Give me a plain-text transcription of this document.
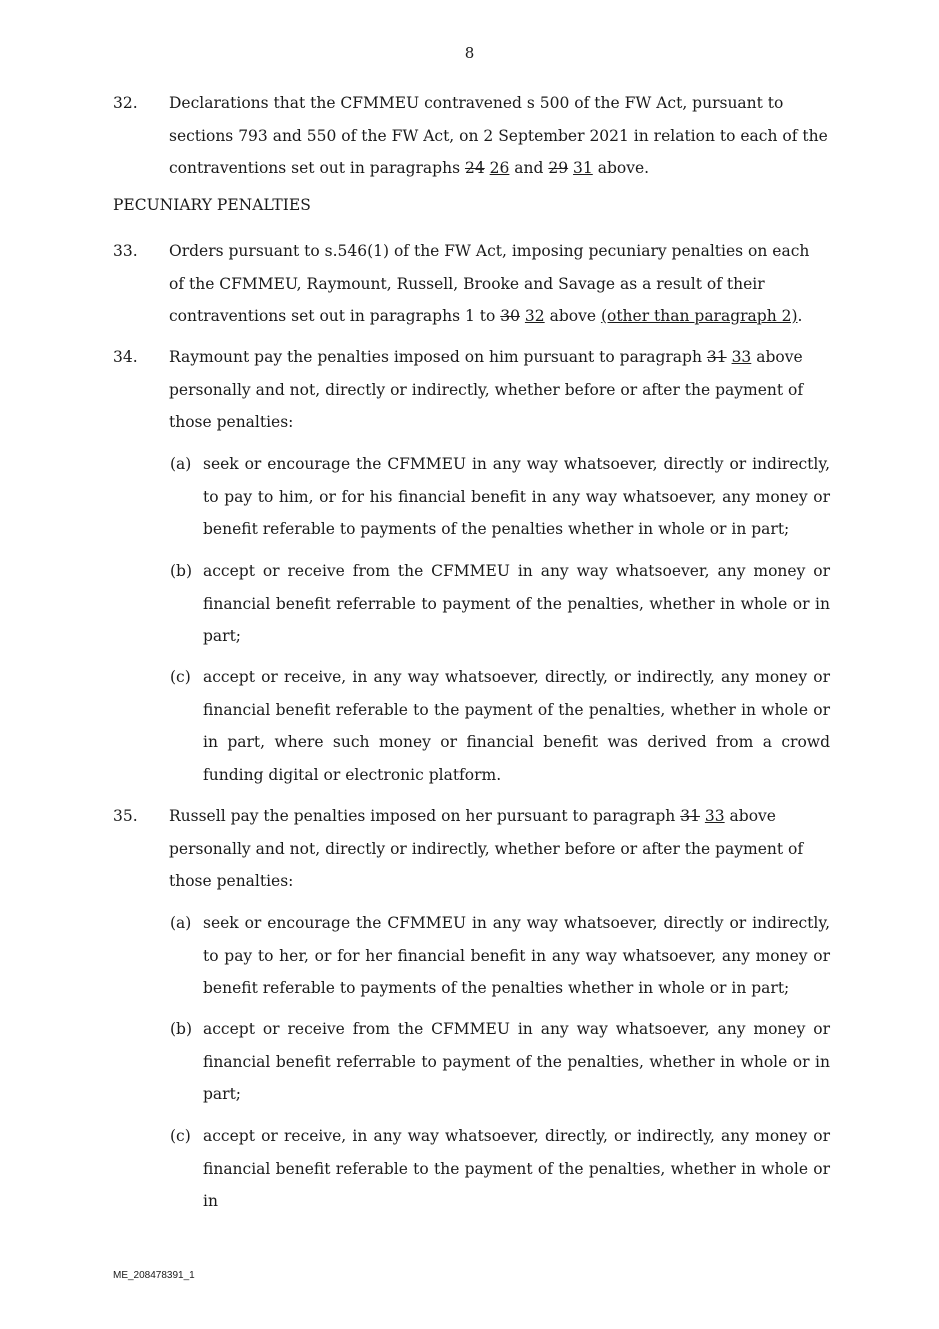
8
32. Declarations that the CFMMEU contravened s 500 of the FW Act, pursuant to sections 793 and 550 of the FW Act, on 2 September 2021 in relation to each of the contraventions set out in paragraphs 24 26 and 29 31 above.
PECUNIARY PENALTIES
33. Orders pursuant to s.546(1) of the FW Act, imposing pecuniary penalties on each of the CFMMEU, Raymount, Russell, Brooke and Savage as a result of their contraventions set out in paragraphs 1 to 30 32 above (other than paragraph 2).
34. Raymount pay the penalties imposed on him pursuant to paragraph 31 33 above personally and not, directly or indirectly, whether before or after the payment of those penalties:
(a) seek or encourage the CFMMEU in any way whatsoever, directly or indirectly, to pay to him, or for his financial benefit in any way whatsoever, any money or benefit referable to payments of the penalties whether in whole or in part;
(b) accept or receive from the CFMMEU in any way whatsoever, any money or financial benefit referrable to payment of the penalties, whether in whole or in part;
(c) accept or receive, in any way whatsoever, directly, or indirectly, any money or financial benefit referable to the payment of the penalties, whether in whole or in part, where such money or financial benefit was derived from a crowd funding digital or electronic platform.
35. Russell pay the penalties imposed on her pursuant to paragraph 31 33 above personally and not, directly or indirectly, whether before or after the payment of those penalties:
(a) seek or encourage the CFMMEU in any way whatsoever, directly or indirectly, to pay to her, or for her financial benefit in any way whatsoever, any money or benefit referable to payments of the penalties whether in whole or in part;
(b) accept or receive from the CFMMEU in any way whatsoever, any money or financial benefit referrable to payment of the penalties, whether in whole or in part;
(c) accept or receive, in any way whatsoever, directly, or indirectly, any money or financial benefit referable to the payment of the penalties, whether in whole or in
ME_208478391_1
